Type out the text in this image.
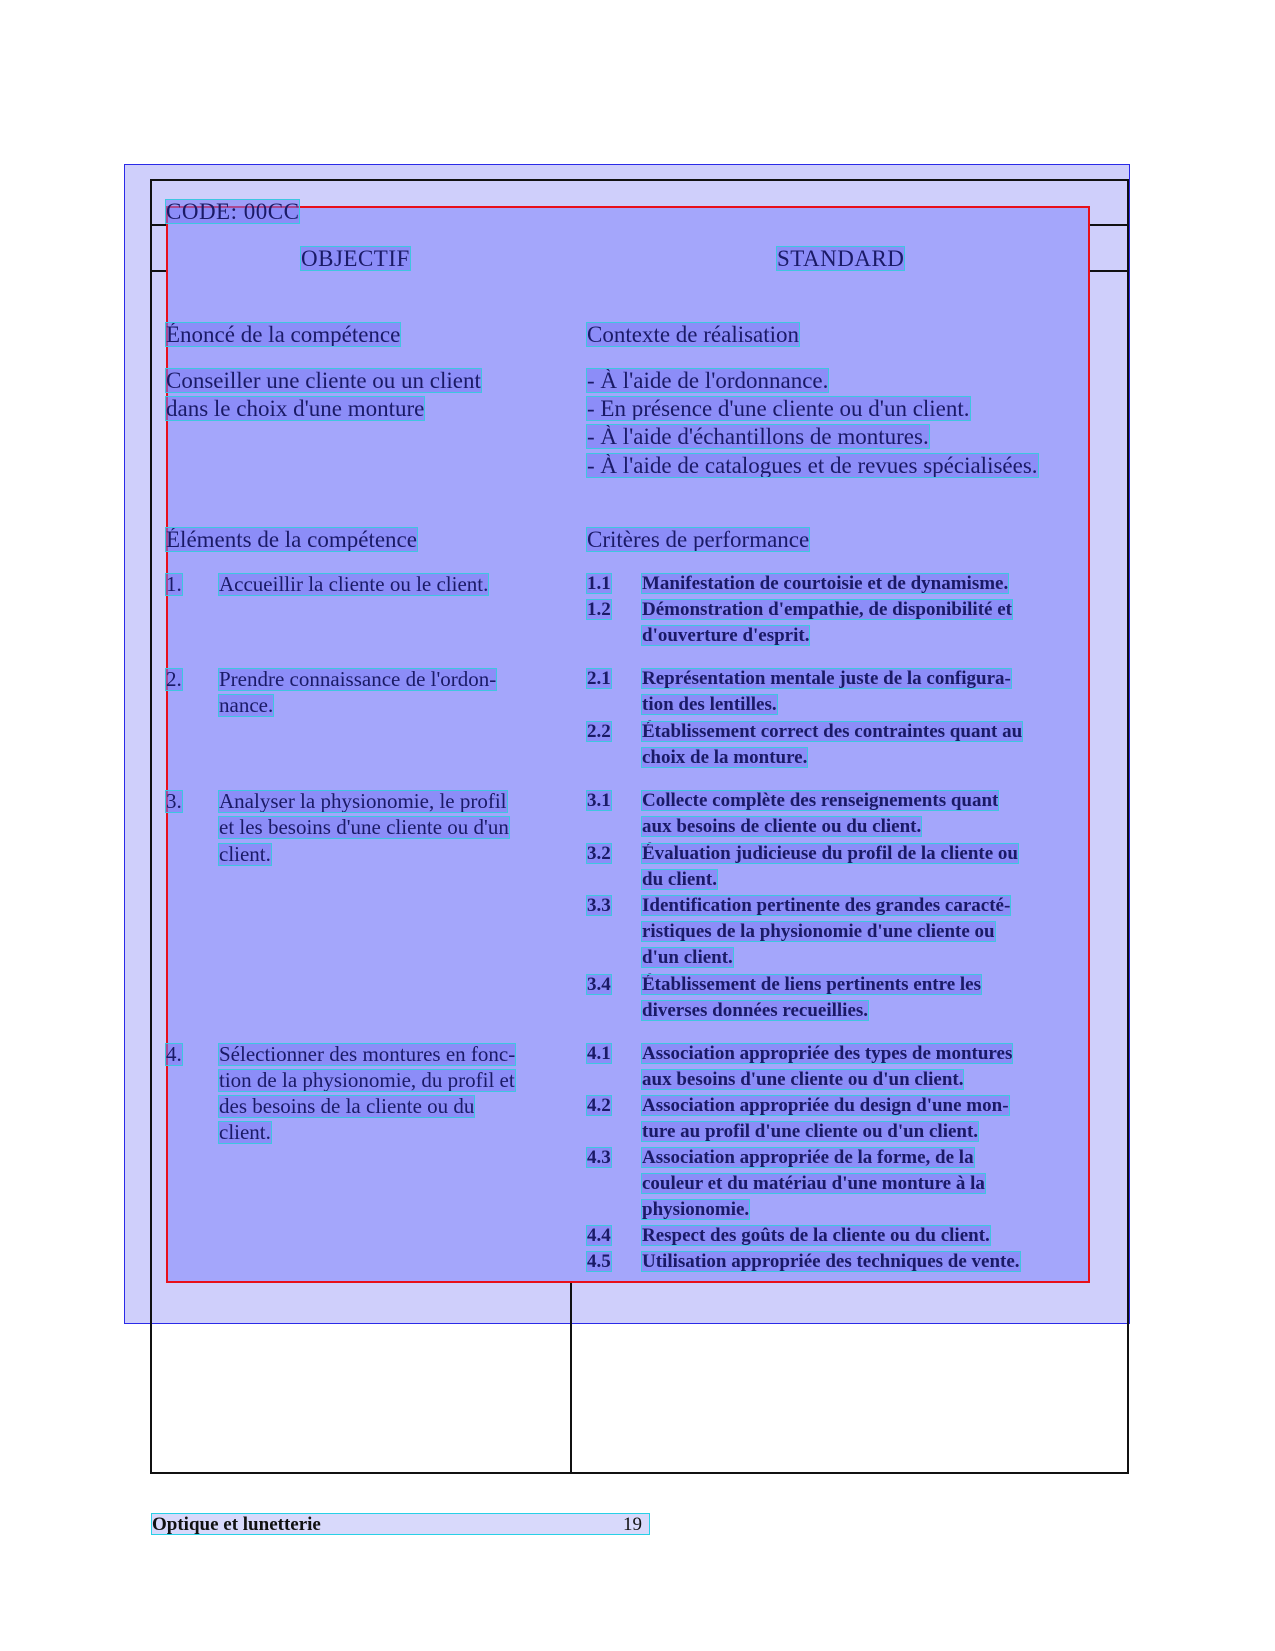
CODE: 00CC
OBJECTIF	STANDARD
Énoncé de la compétence
Conseiller une cliente ou un client
dans le choix d'une monture
Éléments de la compétence
1. Accueillir la cliente ou le client.
2. Prendre connaissance de l'ordon-
nance.
3. Analyser la physionomie, le profil
et les besoins d'une cliente ou d'un
client.
4. Sélectionner des montures en fonc-
tion de la physionomie, du profil et
des besoins de la cliente ou du
client.
Contexte de réalisation
- À l'aide de l'ordonnance.
- En présence d'une cliente ou d'un client.
- À l'aide d'échantillons de montures.
- À l'aide de catalogues et de revues spécialisées.
Critères de performance
1.1 Manifestation de courtoisie et de dynamisme.
1.2 Démonstration d'empathie, de disponibilité et
d'ouverture d'esprit.
2.1 Représentation mentale juste de la configura-
tion des lentilles.
2.2 Établissement correct des contraintes quant au
choix de la monture.
3.1 Collecte complète des renseignements quant
aux besoins de cliente ou du client.
3.2 Évaluation judicieuse du profil de la cliente ou
du client.
3.3 Identification pertinente des grandes caracté-
ristiques de la physionomie d'une cliente ou
d'un client.
3.4 Établissement de liens pertinents entre les
diverses données recueillies.
4.1 Association appropriée des types de montures
aux besoins d'une cliente ou d'un client.
4.2 Association appropriée du design d'une mon-
ture au profil d'une cliente ou d'un client.
4.3 Association appropriée de la forme, de la
couleur et du matériau d'une monture à la
physionomie.
4.4 Respect des goûts de la cliente ou du client.
4.5 Utilisation appropriée des techniques de vente.
Optique et lunetterie	19
